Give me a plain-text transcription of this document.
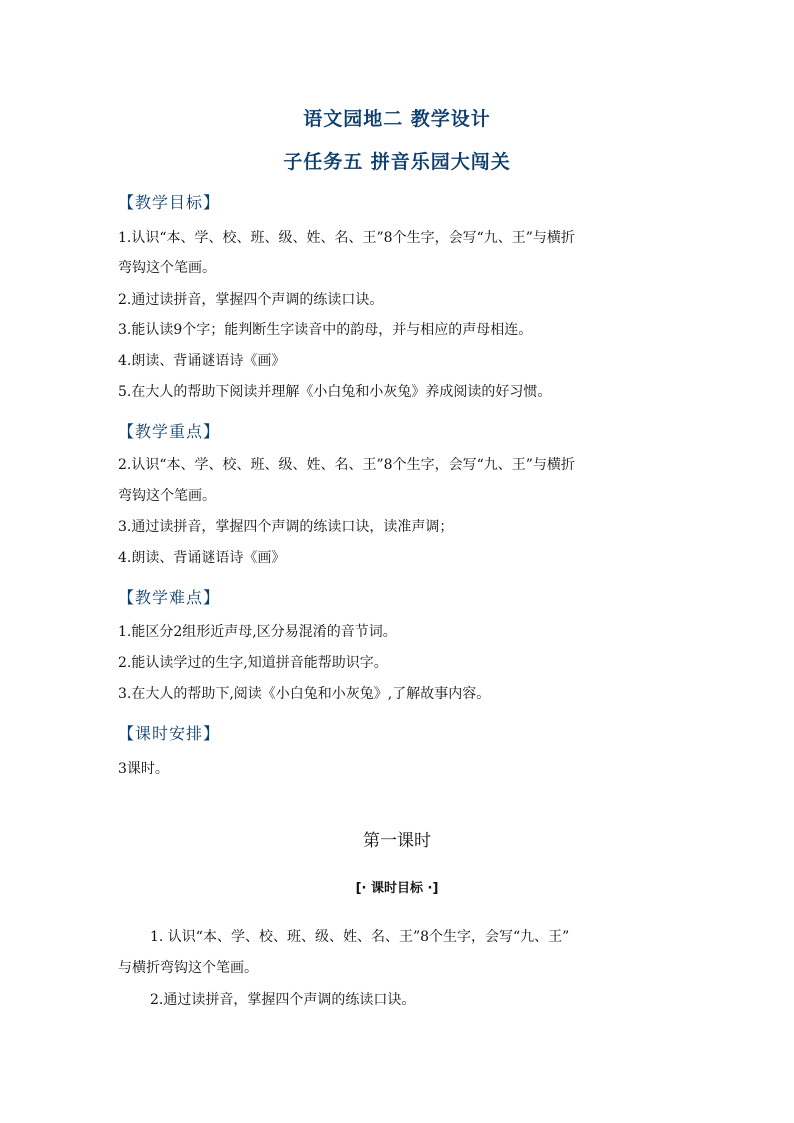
语文园地二 教学设计
子任务五 拼音乐园大闯关
【教学目标】
1.认识“本、学、校、班、级、姓、名、王”8个生字，会写“九、王”与横折
弯钩这个笔画。
2.通过读拼音，掌握四个声调的练读口诀。
3.能认读9个字；能判断生字读音中的韵母，并与相应的声母相连。
4.朗读、背诵谜语诗《画》
5.在大人的帮助下阅读并理解《小白兔和小灰兔》养成阅读的好习惯。
【教学重点】
2.认识“本、学、校、班、级、姓、名、王”8个生字，会写“九、王”与横折
弯钩这个笔画。
3.通过读拼音，掌握四个声调的练读口诀，读准声调；
4.朗读、背诵谜语诗《画》
【教学难点】
1.能区分2组形近声母,区分易混淆的音节词。
2.能认读学过的生字,知道拼音能帮助识字。
3.在大人的帮助下,阅读《小白兔和小灰兔》,了解故事内容。
【课时安排】
3课时。
第一课时
[· 课时目标 ·]
1. 认识“本、学、校、班、级、姓、名、王”8个生字，会写“九、王”
与横折弯钩这个笔画。
2.通过读拼音，掌握四个声调的练读口诀。
